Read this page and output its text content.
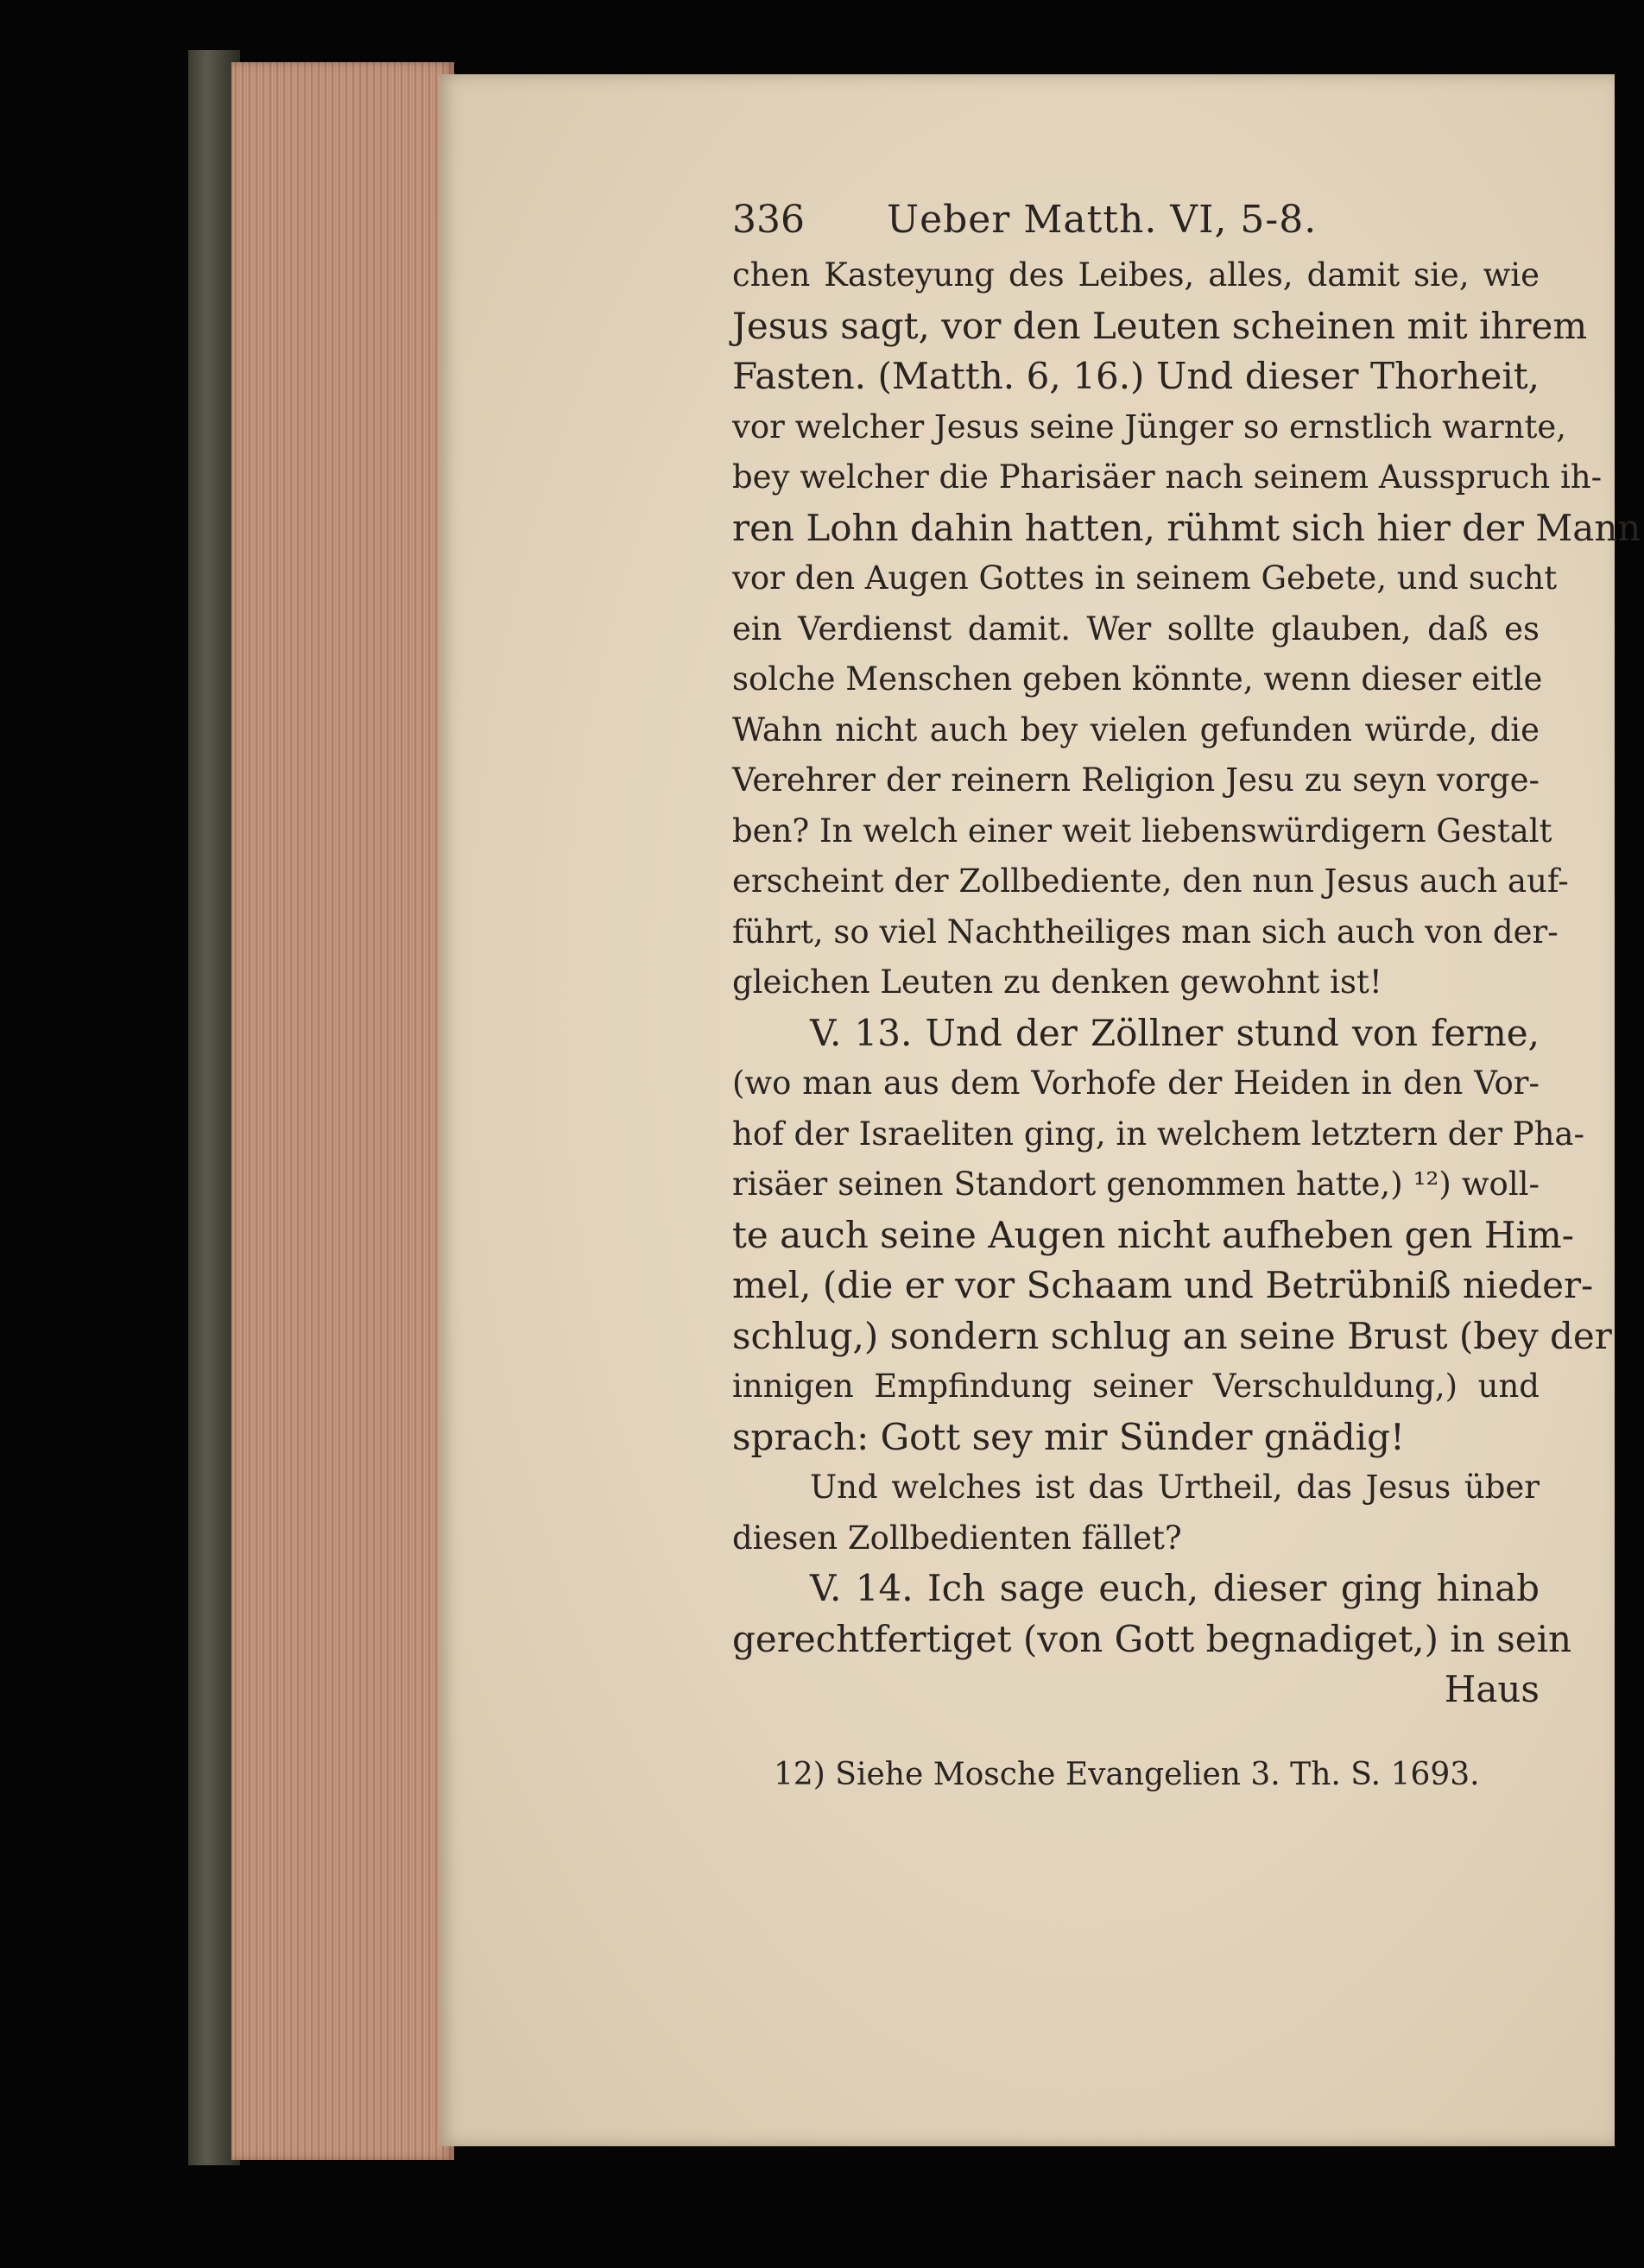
336 Ueber Matth. VI, 5-8.
chen Kasteyung des Leibes, alles, damit sie, wie
Jesus sagt, vor den Leuten scheinen mit ihrem
Fasten. (Matth. 6, 16.) Und dieser Thorheit,
vor welcher Jesus seine Jünger so ernstlich warnte,
bey welcher die Pharisäer nach seinem Ausspruch ih-
ren Lohn dahin hatten, rühmt sich hier der Mann
vor den Augen Gottes in seinem Gebete, und sucht
ein Verdienst damit. Wer sollte glauben, daß es
solche Menschen geben könnte, wenn dieser eitle
Wahn nicht auch bey vielen gefunden würde, die
Verehrer der reinern Religion Jesu zu seyn vorge-
ben? In welch einer weit liebenswürdigern Gestalt
erscheint der Zollbediente, den nun Jesus auch auf-
führt, so viel Nachtheiliges man sich auch von der-
gleichen Leuten zu denken gewohnt ist!
V. 13. Und der Zöllner stund von ferne,
(wo man aus dem Vorhofe der Heiden in den Vor-
hof der Israeliten ging, in welchem letztern der Pha-
risäer seinen Standort genommen hatte,) ¹²) woll-
te auch seine Augen nicht aufheben gen Him-
mel, (die er vor Schaam und Betrübniß nieder-
schlug,) sondern schlug an seine Brust (bey der
innigen Empfindung seiner Verschuldung,) und
sprach: Gott sey mir Sünder gnädig!
Und welches ist das Urtheil, das Jesus über
diesen Zollbedienten fället?
V. 14. Ich sage euch, dieser ging hinab
gerechtfertiget (von Gott begnadiget,) in sein
Haus
12) Siehe Mosche Evangelien 3. Th. S. 1693.
